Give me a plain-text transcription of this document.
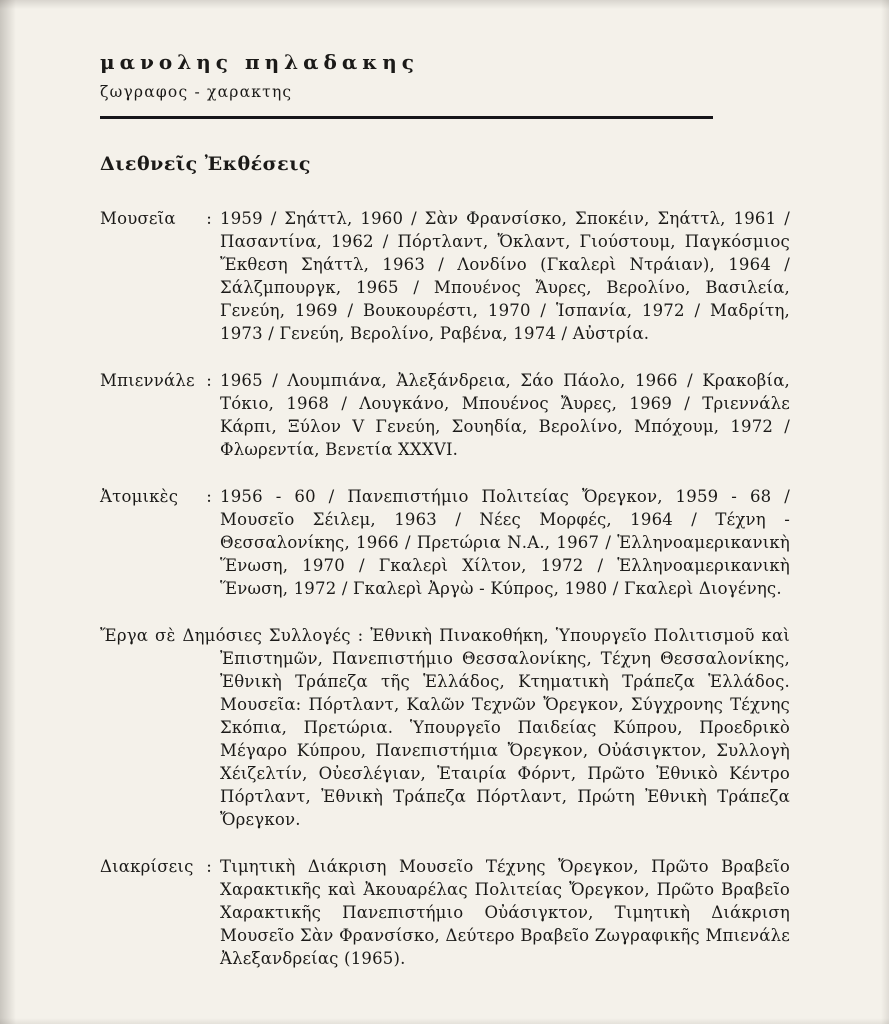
μανολης πηλαδακης

ζωγραφος - χαρακτης

Διεθνεῖς Ἐκθέσεις
Μουσεῖα : 1959 / Σηάττλ, 1960 / Σὰν Φρανσίσκο, Σποκέιν, Σηάττλ, 1961 / Πασαντίνα, 1962 / Πόρτλαντ, Ὄκλαντ, Γιούστουμ, Παγκόσμιος Ἔκθεση Σηάττλ, 1963 / Λονδίνο (Γκαλερὶ Ντράιαν), 1964 / Σάλζμπουργκ, 1965 / Μπουένος Ἄυρες, Βερολίνο, Βασιλεία, Γενεύη, 1969 / Βουκουρέστι, 1970 / Ἱσπανία, 1972 / Μαδρίτη, 1973 / Γενεύη, Βερολίνο, Ραβένα, 1974 / Αὐστρία.
Μπιεννάλε : 1965 / Λουμπιάνα, Ἀλεξάνδρεια, Σάο Πάολο, 1966 / Κρακοβία, Τόκιο, 1968 / Λουγκάνο, Μπουένος Ἄυρες, 1969 / Τριεννάλε Κάρπι, Ξύλον V Γενεύη, Σουηδία, Βερολίνο, Μπόχουμ, 1972 / Φλωρεντία, Βενετία XXXVI.
Ἀτομικὲς : 1956 - 60 / Πανεπιστήμιο Πολιτείας Ὄρεγκον, 1959 - 68 / Μουσεῖο Σέιλεμ, 1963 / Νέες Μορφές, 1964 / Τέχνη - Θεσσαλονίκης, 1966 / Πρετώρια Ν.Α., 1967 / Ἑλληνοαμερικανικὴ Ἕνωση, 1970 / Γκαλερὶ Χίλτον, 1972 / Ἑλληνοαμερικανικὴ Ἕνωση, 1972 / Γκαλερὶ Ἀργὼ - Κύπρος, 1980 / Γκαλερὶ Διογένης.

Ἔργα σὲ Δημόσιες Συλλογές : Ἐθνικὴ Πινακοθήκη, Ὑπουργεῖο Πολιτισμοῦ καὶ Ἐπιστημῶν, Πανεπιστήμιο Θεσσαλονίκης, Τέχνη Θεσσαλονίκης, Ἐθνικὴ Τράπεζα τῆς Ἑλλάδος, Κτηματικὴ Τράπεζα Ἑλλάδος. Μουσεῖα: Πόρτλαντ, Καλῶν Τεχνῶν Ὄρεγκον, Σύγχρονης Τέχνης Σκόπια, Πρετώρια. Ὑπουργεῖο Παιδείας Κύπρου, Προεδρικὸ Μέγαρο Κύπρου, Πανεπιστήμια Ὄρεγκον, Οὐάσιγκτον, Συλλογὴ Χέιζελτίν, Οὐεσλέγιαν, Ἑταιρία Φόρντ, Πρῶτο Ἐθνικὸ Κέντρο Πόρτλαντ, Ἐθνικὴ Τράπεζα Πόρτλαντ, Πρώτη Ἐθνικὴ Τράπεζα Ὄρεγκον.

Διακρίσεις : Τιμητικὴ Διάκριση Μουσεῖο Τέχνης Ὄρεγκον, Πρῶτο Βραβεῖο Χαρακτικῆς καὶ Ἀκουαρέλας Πολιτείας Ὄρεγκον, Πρῶτο Βραβεῖο Χαρακτικῆς Πανεπιστήμιο Οὐάσιγκτον, Τιμητικὴ Διάκριση Μουσεῖο Σὰν Φρανσίσκο, Δεύτερο Βραβεῖο Ζωγραφικῆς Μπιενάλε Ἀλεξανδρείας (1965).
